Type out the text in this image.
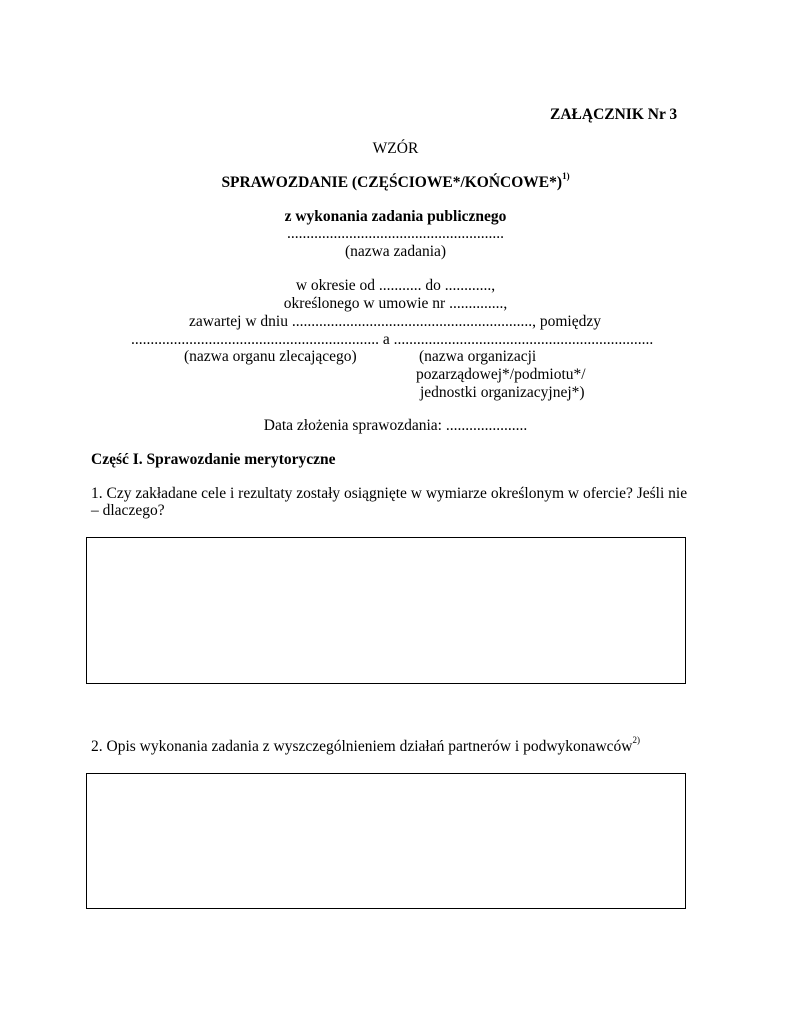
ZAŁĄCZNIK Nr 3
WZÓR
SPRAWOZDANIE (CZĘŚCIOWE*/KOŃCOWE*)$^{1)}$
z wykonania zadania publicznego
........................................................
(nazwa zadania)
w okresie od ........... do ............,
określonego w umowie nr ..............,
zawartej w dniu .............................................................., pomiędzy
................................................................ a ...................................................................
(nazwa organu zlecającego)	(nazwa organizacji
pozarządowej*/podmiotu*/
jednostki organizacyjnej*)
Data złożenia sprawozdania: .....................
Część I. Sprawozdanie merytoryczne
1. Czy zakładane cele i rezultaty zostały osiągnięte w wymiarze określonym w ofercie? Jeśli nie
– dlaczego?
2. Opis wykonania zadania z wyszczególnieniem działań partnerów i podwykonawców$^{2)}$
